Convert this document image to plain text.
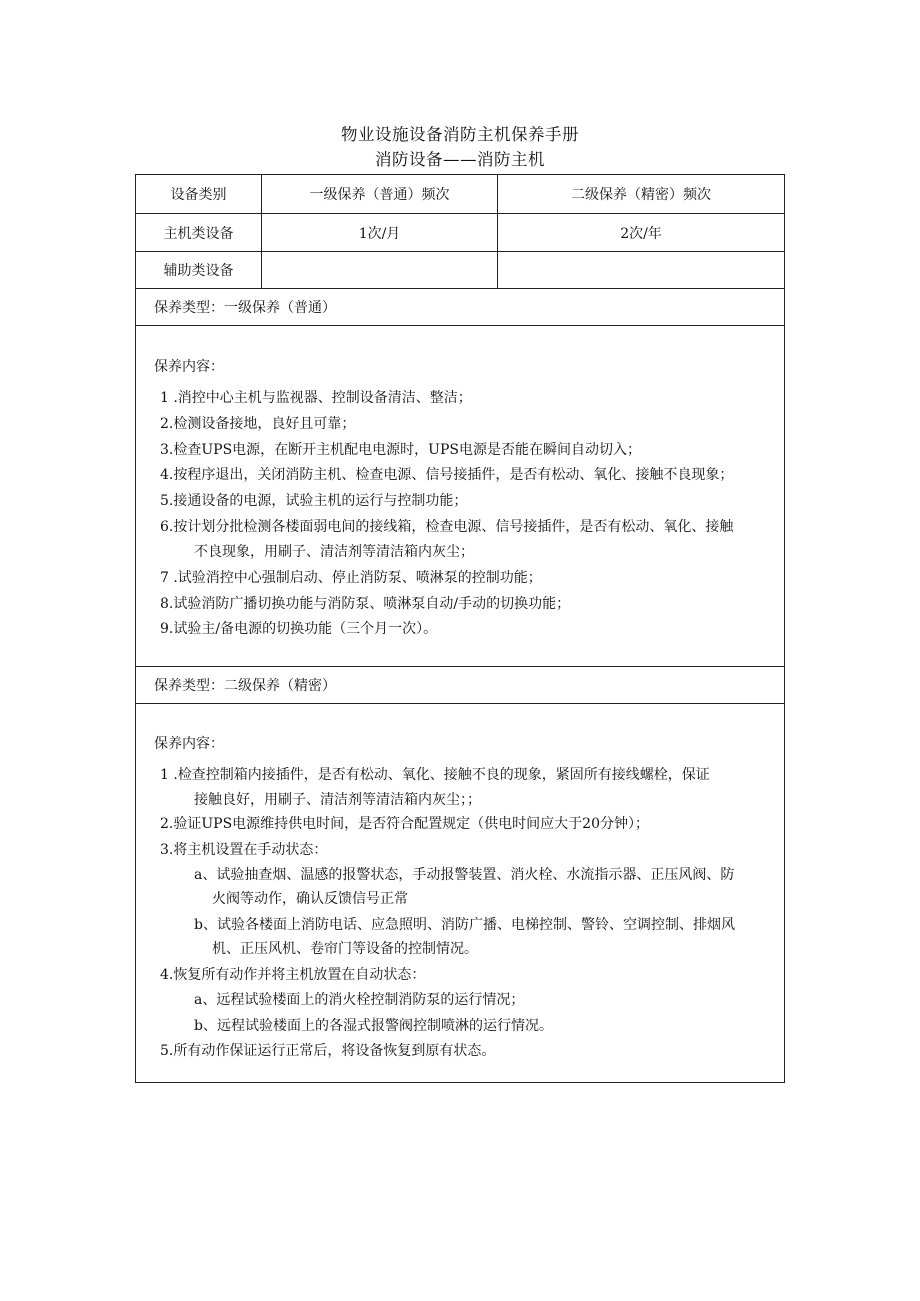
物业设施设备消防主机保养手册
消防设备——消防主机
设备类别	一级保养（普通）频次	二级保养（精密）频次
主机类设备	1次/月	2次/年
辅助类设备
保养类型：一级保养（普通）
保养内容：
1 .消控中心主机与监视器、控制设备清洁、整洁；
2.检测设备接地，良好且可靠；
3.检查UPS电源，在断开主机配电电源时，UPS电源是否能在瞬间自动切入；
4.按程序退出，关闭消防主机、检查电源、信号接插件，是否有松动、氧化、接触不良现象；
5.接通设备的电源，试验主机的运行与控制功能；
6.按计划分批检测各楼面弱电间的接线箱，检查电源、信号接插件，是否有松动、氧化、接触
不良现象，用刷子、清洁剂等清洁箱内灰尘；
7 .试验消控中心强制启动、停止消防泵、喷淋泵的控制功能；
8.试验消防广播切换功能与消防泵、喷淋泵自动/手动的切换功能；
9.试验主/备电源的切换功能（三个月一次）。
保养类型：二级保养（精密）
保养内容：
1 .检查控制箱内接插件，是否有松动、氧化、接触不良的现象，紧固所有接线螺栓，保证
接触良好，用刷子、清洁剂等清洁箱内灰尘；；
2.验证UPS电源维持供电时间，是否符合配置规定（供电时间应大于20分钟）；
3.将主机设置在手动状态：
a、试验抽查烟、温感的报警状态，手动报警装置、消火栓、水流指示器、正压风阀、防
火阀等动作，确认反馈信号正常
b、试验各楼面上消防电话、应急照明、消防广播、电梯控制、警铃、空调控制、排烟风
机、正压风机、卷帘门等设备的控制情况。
4.恢复所有动作并将主机放置在自动状态：
a、远程试验楼面上的消火栓控制消防泵的运行情况；
b、远程试验楼面上的各湿式报警阀控制喷淋的运行情况。
5.所有动作保证运行正常后，将设备恢复到原有状态。
